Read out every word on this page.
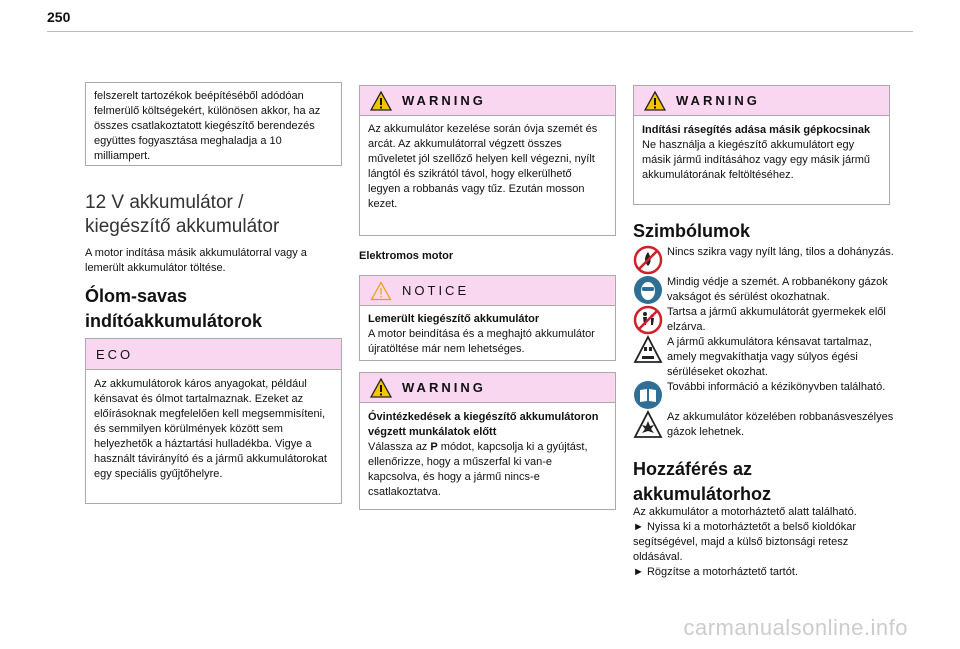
250
felszerelt tartozékok beépítéséből adódóan felmerülő költségekért, különösen akkor, ha az összes csatlakoztatott kiegészítő berendezés együttes fogyasztása meghaladja a 10 milliampert.
12 V akkumulátor /
kiegészítő akkumulátor
A motor indítása másik akkumulátorral vagy a lemerült akkumulátor töltése.
Ólom-savas
indítóakkumulátorok
ECO
Az akkumulátorok káros anyagokat, például kénsavat és ólmot tartalmaznak. Ezeket az előírásoknak megfelelően kell megsemmisíteni, és semmilyen körülmények között sem helyezhetők a háztartási hulladékba. Vigye a használt távirányító és a jármű akkumulátorokat egy speciális gyűjtőhelyre.
WARNING
Az akkumulátor kezelése során óvja szemét és arcát. Az akkumulátorral végzett összes műveletet jól szellőző helyen kell végezni, nyílt lángtól és szikrától távol, hogy elkerülhető legyen a robbanás vagy tűz. Ezután mosson kezet.
Elektromos motor
NOTICE
Lemerült kiegészítő akkumulátor
A motor beindítása és a meghajtó akkumulátor újratöltése már nem lehetséges.
WARNING
Óvintézkedések a kiegészítő akkumulátoron végzett munkálatok előtt
Válassza az P módot, kapcsolja ki a gyújtást, ellenőrizze, hogy a műszerfal ki van-e kapcsolva, és hogy a jármű nincs-e csatlakoztatva.
WARNING
Indítási rásegítés adása másik gépkocsinak
Ne használja a kiegészítő akkumulátort egy másik jármű indításához vagy egy másik jármű akkumulátorának feltöltéséhez.
Szimbólumok
Nincs szikra vagy nyílt láng, tilos a dohányzás.
Mindig védje a szemét. A robbanékony gázok vakságot és sérülést okozhatnak.
Tartsa a jármű akkumulátorát gyermekek elől elzárva.
A jármű akkumulátora kénsavat tartalmaz, amely megvakíthatja vagy súlyos égési sérüléseket okozhat.
További információ a kézikönyvben található.
Az akkumulátor közelében robbanásveszélyes gázok lehetnek.
Hozzáférés az
akkumulátorhoz
Az akkumulátor a motorháztető alatt található.
► Nyissa ki a motorháztetőt a belső kioldókar segítségével, majd a külső biztonsági retesz oldásával.
► Rögzítse a motorháztető tartót.
carmanualsonline.info
